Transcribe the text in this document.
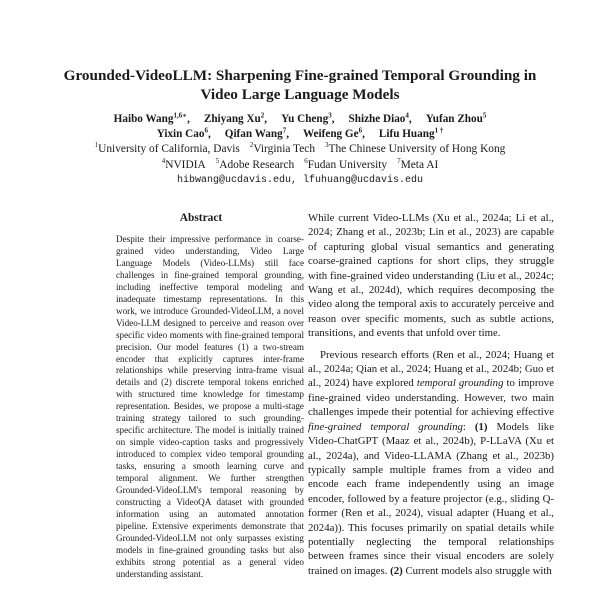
Grounded-VideoLLM: Sharpening Fine-grained Temporal Grounding in Video Large Language Models
Haibo Wang$^{1,6∗}$, Zhiyang Xu$^2$, Yu Cheng$^3$, Shizhe Diao$^4$, Yufan Zhou$^5$
Yixin Cao$^6$, Qifan Wang$^7$, Weifeng Ge$^6$, Lifu Huang$^{1 \dagger}$
$^1$University of California, Davis $^2$Virginia Tech $^3$The Chinese University of Hong Kong
$^4$NVIDIA $^5$Adobe Research $^6$Fudan University $^7$Meta AI
hibwang@ucdavis.edu, lfuhuang@ucdavis.edu
Abstract
Despite their impressive performance in coarse-grained video understanding, Video Large Language Models (Video-LLMs) still face challenges in fine-grained temporal grounding, including ineffective temporal modeling and inadequate timestamp representations. In this work, we introduce Grounded-VideoLLM, a novel Video-LLM designed to perceive and reason over specific video moments with fine-grained temporal precision. Our model features (1) a two-stream encoder that explicitly captures inter-frame relationships while preserving intra-frame visual details and (2) discrete temporal tokens enriched with structured time knowledge for timestamp representation. Besides, we propose a multi-stage training strategy tailored to such grounding-specific architecture. The model is initially trained on simple video-caption tasks and progressively introduced to complex video temporal grounding tasks, ensuring a smooth learning curve and temporal alignment. We further strengthen Grounded-VideoLLM's temporal reasoning by constructing a VideoQA dataset with grounded information using an automated annotation pipeline. Extensive experiments demonstrate that Grounded-VideoLLM not only surpasses existing models in fine-grained grounding tasks but also exhibits strong potential as a general video understanding assistant.

While current Video-LLMs (Xu et al., 2024a; Li et al., 2024; Zhang et al., 2023b; Lin et al., 2023) are capable of capturing global visual semantics and generating coarse-grained captions for short clips, they struggle with fine-grained video understanding (Liu et al., 2024c; Wang et al., 2024d), which requires decomposing the video along the temporal axis to accurately perceive and reason over specific moments, such as subtle actions, transitions, and events that unfold over time.

Previous research efforts (Ren et al., 2024; Huang et al., 2024a; Qian et al., 2024; Huang et al., 2024b; Guo et al., 2024) have explored temporal grounding to improve fine-grained video understanding. However, two main challenges impede their potential for achieving effective fine-grained temporal grounding: (1) Models like Video-ChatGPT (Maaz et al., 2024b), P-LLaVA (Xu et al., 2024a), and Video-LLAMA (Zhang et al., 2023b) typically sample multiple frames from a video and encode each frame independently using an image encoder, followed by a feature projector (e.g., sliding Q-former (Ren et al., 2024), visual adapter (Huang et al., 2024a)). This focuses primarily on spatial details while potentially neglecting the temporal relationships between frames since their visual encoders are solely trained on images. (2) Current models also struggle with
